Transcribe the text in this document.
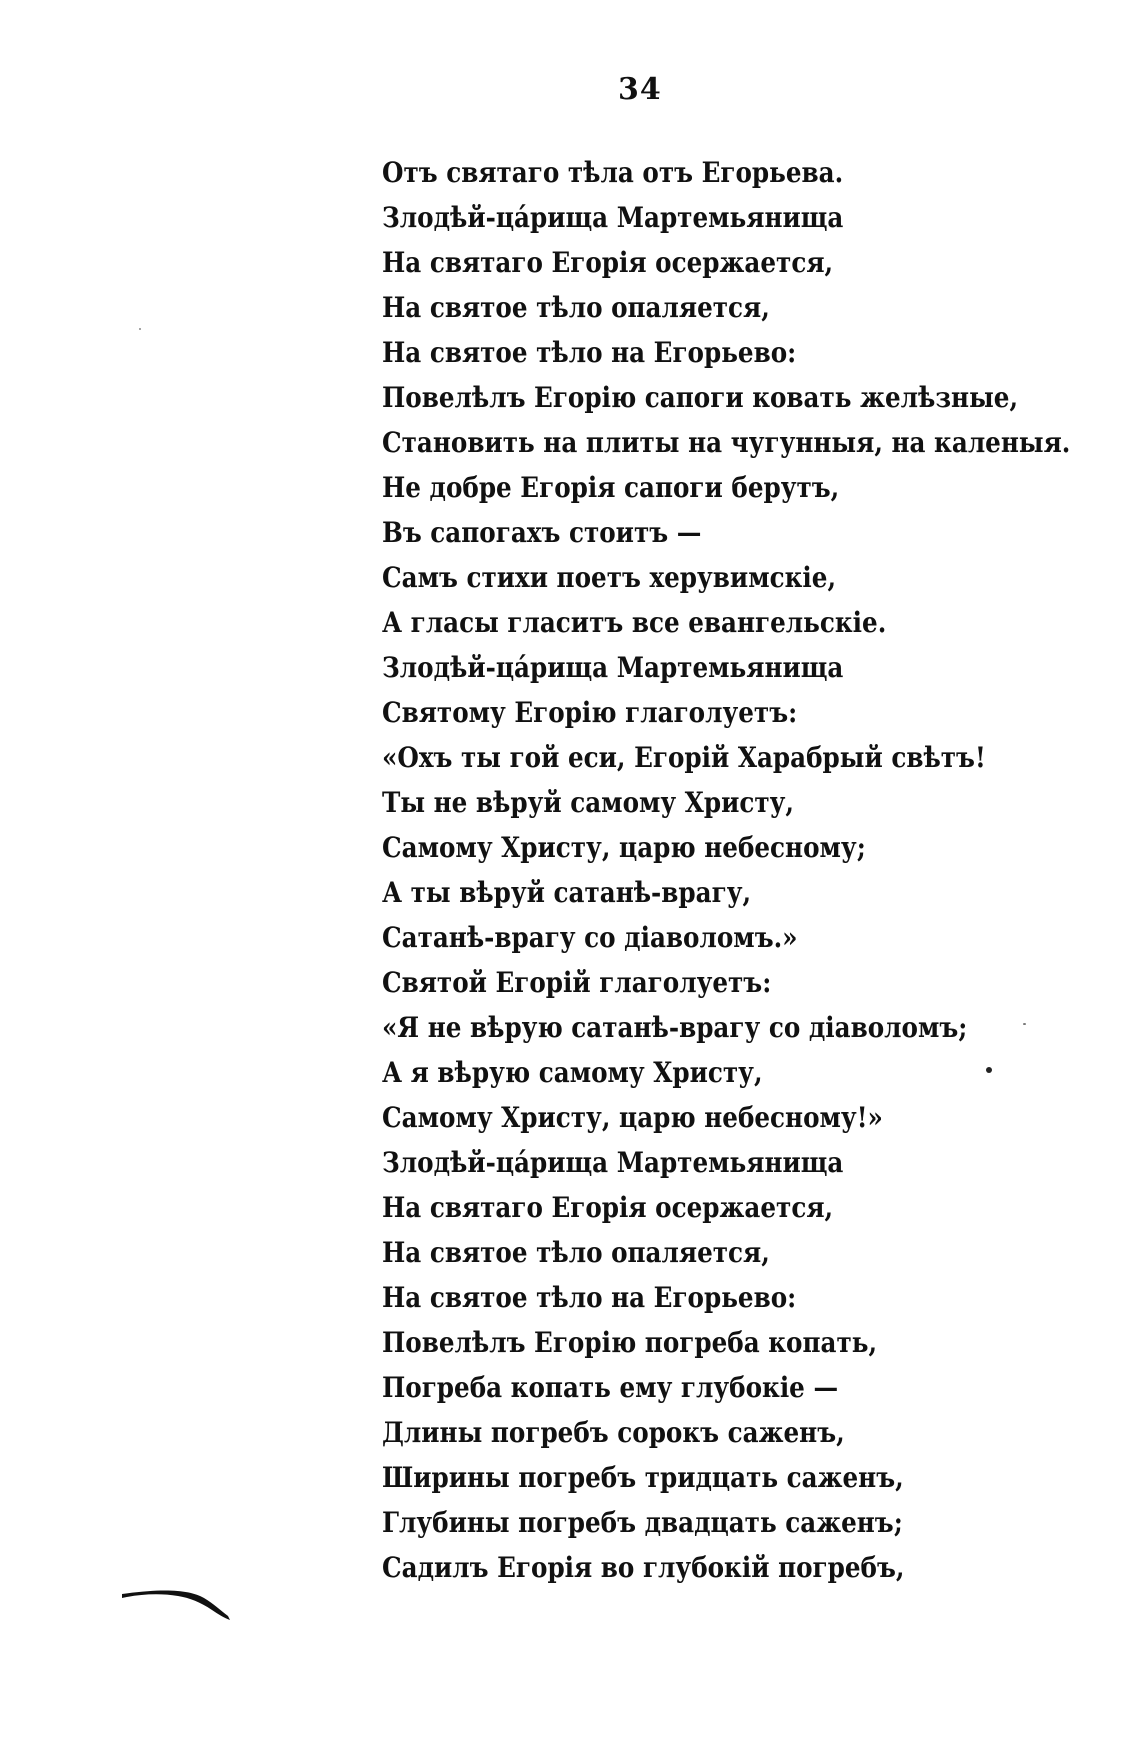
34
Отъ святаго тѣла отъ Егорьева.
Злодѣй-ца́рища Мартемьянища
На святаго Егорія осержается,
На святое тѣло опаляется,
На святое тѣло на Егорьево:
Повелѣлъ Егорію сапоги ковать желѣзные,
Становить на плиты на чугунныя, на каленыя.
Не добре Егорія сапоги берутъ,
Въ сапогахъ стоитъ —
Самъ стихи поетъ херувимскіе,
А гласы гласитъ все евангельскіе.
Злодѣй-ца́рища Мартемьянища
Святому Егорію глаголуетъ:
«Охъ ты гой еси, Егорій Харабрый свѣтъ!
Ты не вѣруй самому Христу,
Самому Христу, царю небесному;
А ты вѣруй сатанѣ-врагу,
Сатанѣ-врагу со діаволомъ.»
Святой Егорій глаголуетъ:
«Я не вѣрую сатанѣ-врагу со діаволомъ;
А я вѣрую самому Христу,
Самому Христу, царю небесному!»
Злодѣй-ца́рища Мартемьянища
На святаго Егорія осержается,
На святое тѣло опаляется,
На святое тѣло на Егорьево:
Повелѣлъ Егорію погреба копать,
Погреба копать ему глубокіе —
Длины погребъ сорокъ саженъ,
Ширины погребъ тридцать саженъ,
Глубины погребъ двадцать саженъ;
Садилъ Егорія во глубокій погребъ,
